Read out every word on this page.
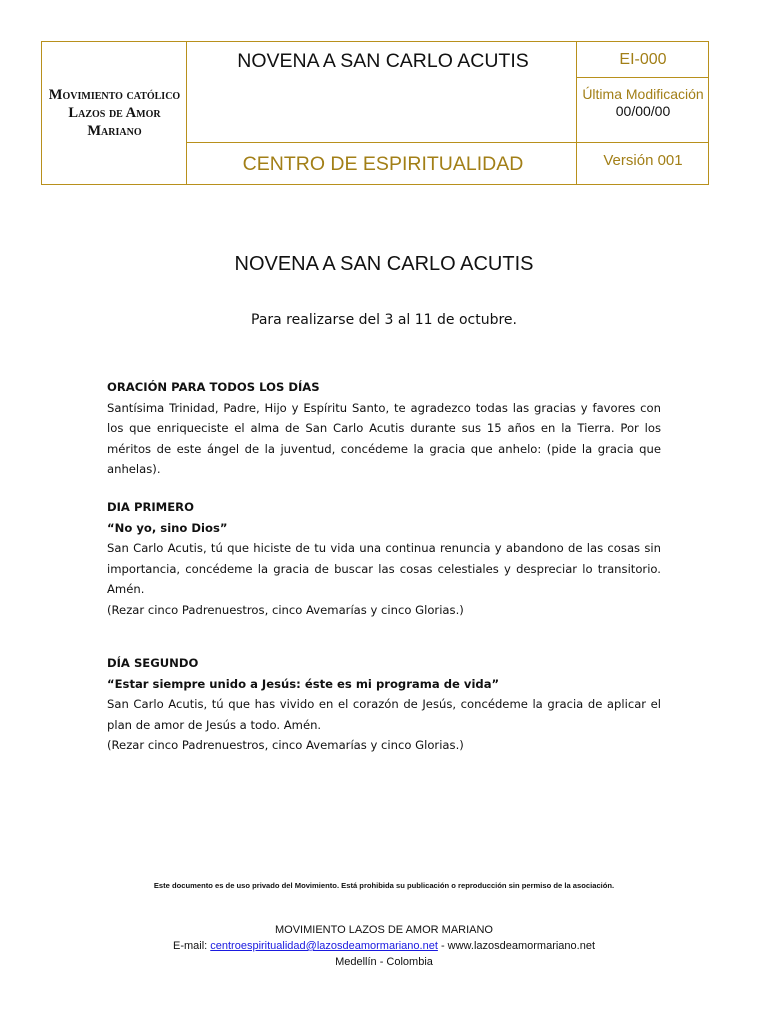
Movimiento católico Lazos de Amor Mariano
NOVENA A SAN CARLO ACUTIS	EI-000
Última Modificación
00/00/00
CENTRO DE ESPIRITUALIDAD	Versión 001
NOVENA A SAN CARLO ACUTIS
Para realizarse del 3 al 11 de octubre.
ORACIÓN PARA TODOS LOS DÍAS
Santísima Trinidad, Padre, Hijo y Espíritu Santo, te agradezco todas las gracias y favores con los que enriqueciste el alma de San Carlo Acutis durante sus 15 años en la Tierra. Por los méritos de este ángel de la juventud, concédeme la gracia que anhelo: (pide la gracia que anhelas).
DIA PRIMERO
“No yo, sino Dios”
San Carlo Acutis, tú que hiciste de tu vida una continua renuncia y abandono de las cosas sin importancia, concédeme la gracia de buscar las cosas celestiales y despreciar lo transitorio. Amén.
(Rezar cinco Padrenuestros, cinco Avemarías y cinco Glorias.)
DÍA SEGUNDO
“Estar siempre unido a Jesús: éste es mi programa de vida”
San Carlo Acutis, tú que has vivido en el corazón de Jesús, concédeme la gracia de aplicar el plan de amor de Jesús a todo. Amén.
(Rezar cinco Padrenuestros, cinco Avemarías y cinco Glorias.)
Este documento es de uso privado del Movimiento. Está prohibida su publicación o reproducción sin permiso de la asociación.
MOVIMIENTO LAZOS DE AMOR MARIANO
E-mail: centroespiritualidad@lazosdeamormariano.net - www.lazosdeamormariano.net
Medellín - Colombia
